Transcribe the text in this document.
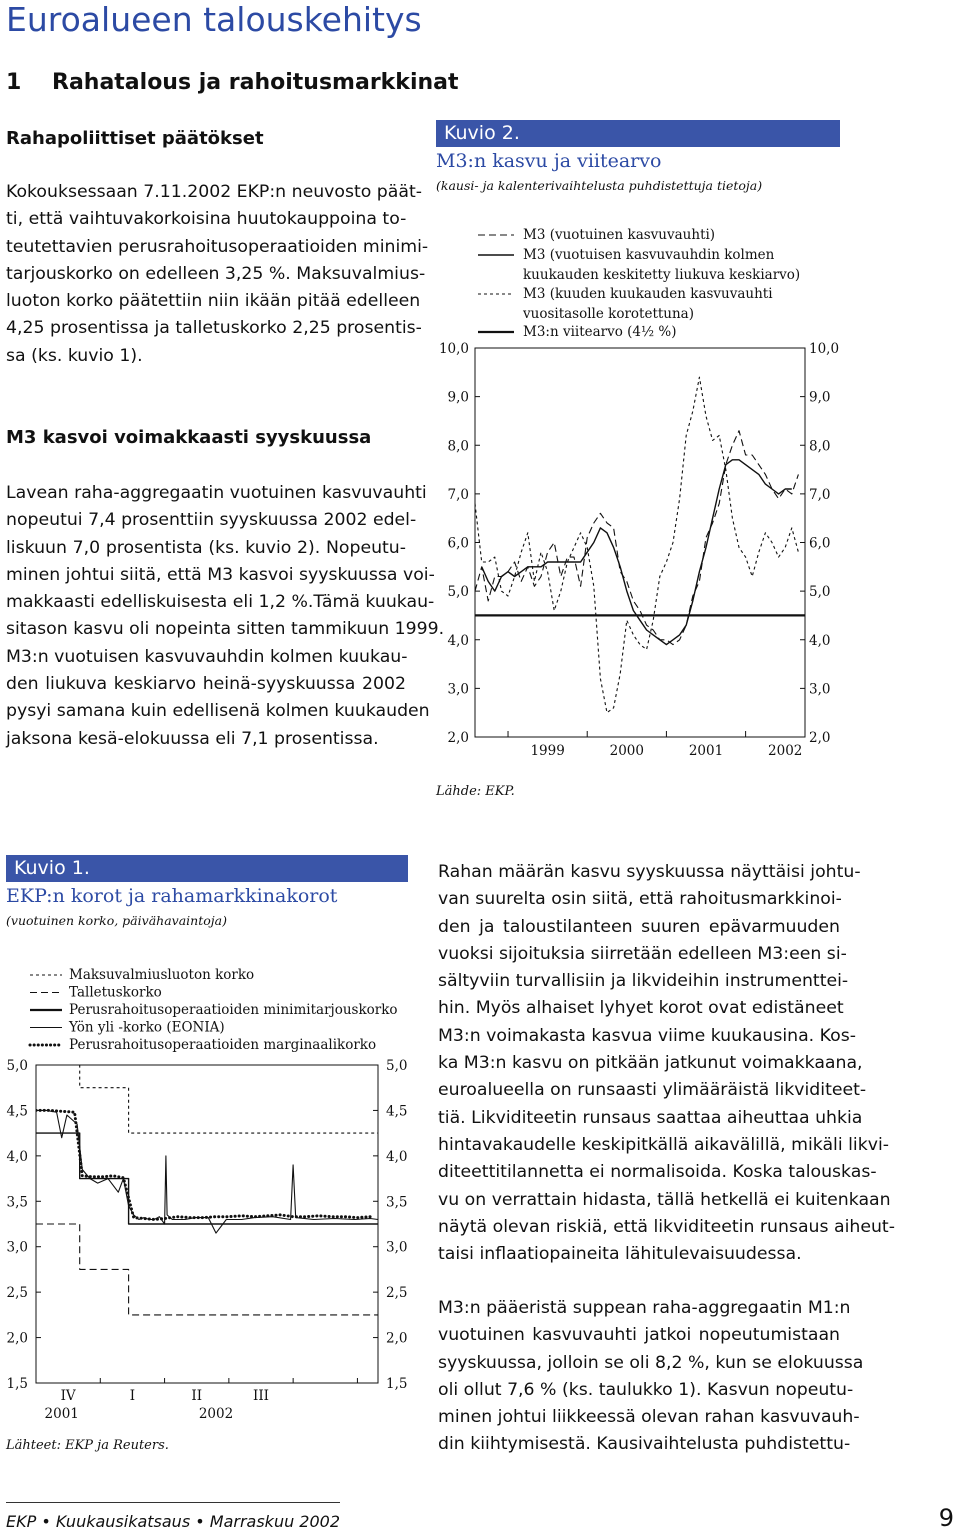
Euroalueen talouskehitys
1 Rahatalous ja rahoitusmarkkinat
Rahapoliittiset päätökset
Kokouksessaan 7.11.2002 EKP:n neuvosto päät-
ti, että vaihtuvakorkoisina huutokauppoina to-
teutettavien perusrahoitusoperaatioiden minimi-
tarjouskorko on edelleen 3,25 %. Maksuvalmius-
luoton korko päätettiin niin ikään pitää edelleen
4,25 prosentissa ja talletuskorko 2,25 prosentis-
sa (ks. kuvio 1).
M3 kasvoi voimakkaasti syyskuussa
Lavean raha-aggregaatin vuotuinen kasvuvauhti
nopeutui 7,4 prosenttiin syyskuussa 2002 edel-
liskuun 7,0 prosentista (ks. kuvio 2). Nopeutu-
minen johtui siitä, että M3 kasvoi syyskuussa voi-
makkaasti edelliskuisesta eli 1,2 %.Tämä kuukau-
sitason kasvu oli nopeinta sitten tammikuun 1999.
M3:n vuotuisen kasvuvauhdin kolmen kuukau-
den liukuva keskiarvo heinä-syyskuussa 2002
pysyi samana kuin edellisenä kolmen kuukauden
jaksona kesä-elokuussa eli 7,1 prosentissa.
Kuvio 2.
M3:n kasvu ja viitearvo
(kausi- ja kalenterivaihtelusta puhdistettuja tietoja)
2,0	2,0
3,0	3,0
4,0	4,0
5,0	5,0
6,0	6,0
7,0	7,0
8,0	8,0
9,0	9,0
10,0	10,0
1999	2000	2001	2002
M3 (vuotuinen kasvuvauhti)
M3 (vuotuisen kasvuvauhdin kolmen
kuukauden keskitetty liukuva keskiarvo)
M3 (kuuden kuukauden kasvuvauhti
vuositasolle korotettuna)
M3:n viitearvo (4½ %)
Lähde: EKP.
Kuvio 1.
EKP:n korot ja rahamarkkinakorot
(vuotuinen korko, päivähavaintoja)
1,5	1,5
2,0	2,0
2,5	2,5
3,0	3,0
3,5	3,5
4,0	4,0
4,5	4,5
5,0	5,0
IV	I	II	III
2001	2002
Maksuvalmiusluoton korko
Talletuskorko
Perusrahoitusoperaatioiden minimitarjouskorko
Yön yli -korko (EONIA)
Perusrahoitusoperaatioiden marginaalikorko
Lähteet: EKP ja Reuters.
Rahan määrän kasvu syyskuussa näyttäisi johtu-
van suurelta osin siitä, että rahoitusmarkkinoi-
den ja taloustilanteen suuren epävarmuuden
vuoksi sijoituksia siirretään edelleen M3:een si-
sältyviin turvallisiin ja likvideihin instrumenttei-
hin. Myös alhaiset lyhyet korot ovat edistäneet
M3:n voimakasta kasvua viime kuukausina. Kos-
ka M3:n kasvu on pitkään jatkunut voimakkaana,
euroalueella on runsaasti ylimääräistä likviditeet-
tiä. Likviditeetin runsaus saattaa aiheuttaa uhkia
hintavakaudelle keskipitkällä aikavälillä, mikäli likvi-
diteettitilannetta ei normalisoida. Koska talouskas-
vu on verrattain hidasta, tällä hetkellä ei kuitenkaan
näytä olevan riskiä, että likviditeetin runsaus aiheut-
taisi inflaatiopaineita lähitulevaisuudessa.
M3:n pääeristä suppean raha-aggregaatin M1:n
vuotuinen kasvuvauhti jatkoi nopeutumistaan
syyskuussa, jolloin se oli 8,2 %, kun se elokuussa
oli ollut 7,6 % (ks. taulukko 1). Kasvun nopeutu-
minen johtui liikkeessä olevan rahan kasvuvauh-
din kiihtymisestä. Kausivaihtelusta puhdistettu-
EKP • Kuukausikatsaus • Marraskuu 2002	9
